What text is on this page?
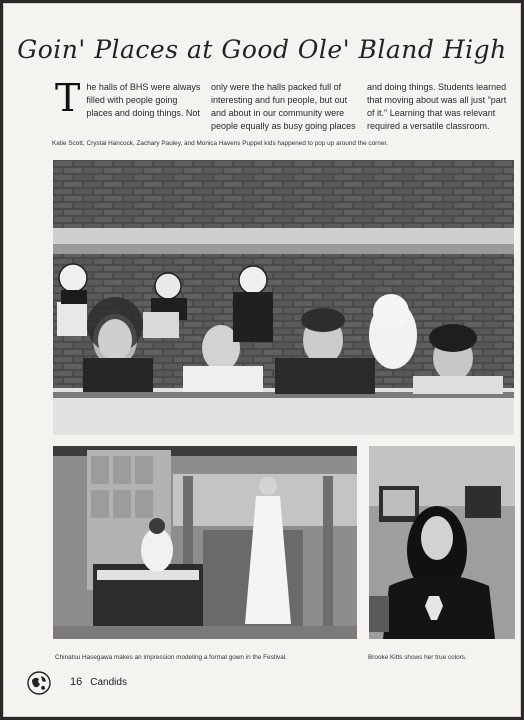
Goin' Places at Good Ole' Bland High
T he halls of BHS were always filled with people going places and doing things. Not
only were the halls packed full of interesting and fun people, but out and about in our community were people equally as busy going places
and doing things. Students learned that moving about was all just "part of it." Learning that was relevant required a versatile classroom.
Katie Scott, Crystal Hancock, Zachary Pauley, and Monica Havens Puppet kids happened to pop up around the corner.
Chinatsu Hasegawa makes an impression modeling a formal gown in the Festival.	Brooke Kitts shows her true colors.
16 Candids
